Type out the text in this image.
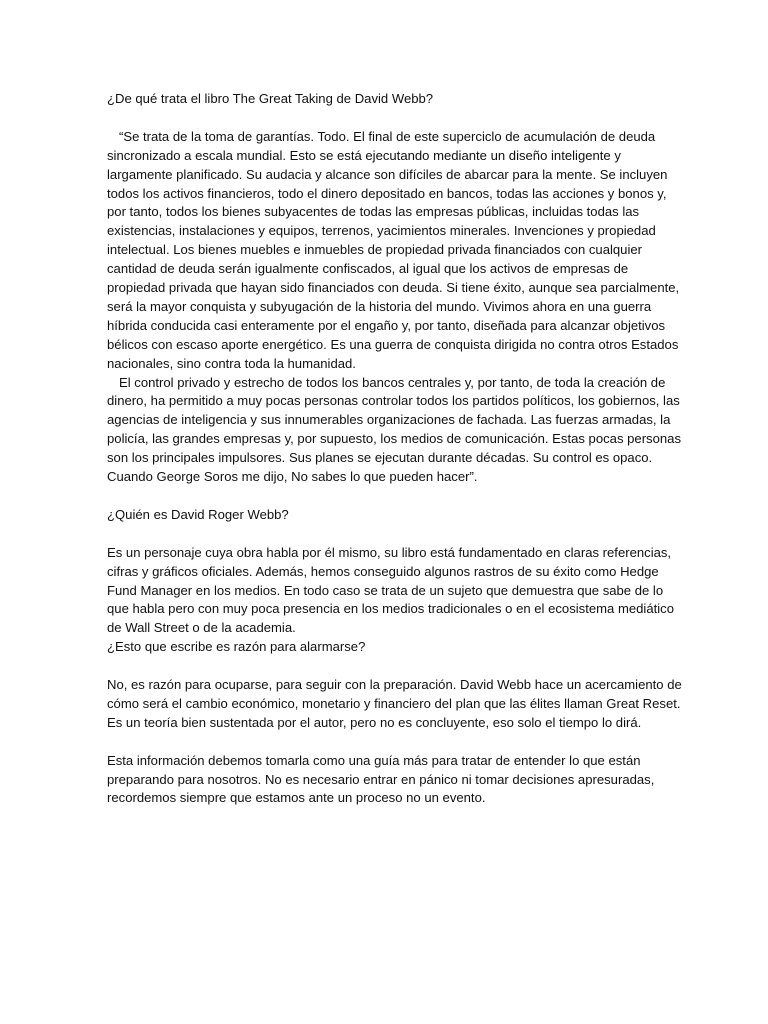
¿De qué trata el libro The Great Taking de David Webb?

“Se trata de la toma de garantías. Todo. El final de este superciclo de acumulación de deuda
sincronizado a escala mundial. Esto se está ejecutando mediante un diseño inteligente y
largamente planificado. Su audacia y alcance son difíciles de abarcar para la mente. Se incluyen
todos los activos financieros, todo el dinero depositado en bancos, todas las acciones y bonos y,
por tanto, todos los bienes subyacentes de todas las empresas públicas, incluidas todas las
existencias, instalaciones y equipos, terrenos, yacimientos minerales. Invenciones y propiedad
intelectual. Los bienes muebles e inmuebles de propiedad privada financiados con cualquier
cantidad de deuda serán igualmente confiscados, al igual que los activos de empresas de
propiedad privada que hayan sido financiados con deuda. Si tiene éxito, aunque sea parcialmente,
será la mayor conquista y subyugación de la historia del mundo. Vivimos ahora en una guerra
híbrida conducida casi enteramente por el engaño y, por tanto, diseñada para alcanzar objetivos
bélicos con escaso aporte energético. Es una guerra de conquista dirigida no contra otros Estados
nacionales, sino contra toda la humanidad.
El control privado y estrecho de todos los bancos centrales y, por tanto, de toda la creación de
dinero, ha permitido a muy pocas personas controlar todos los partidos políticos, los gobiernos, las
agencias de inteligencia y sus innumerables organizaciones de fachada. Las fuerzas armadas, la
policía, las grandes empresas y, por supuesto, los medios de comunicación. Estas pocas personas
son los principales impulsores. Sus planes se ejecutan durante décadas. Su control es opaco.
Cuando George Soros me dijo, No sabes lo que pueden hacer”.

¿Quién es David Roger Webb?

Es un personaje cuya obra habla por él mismo, su libro está fundamentado en claras referencias,
cifras y gráficos oficiales. Además, hemos conseguido algunos rastros de su éxito como Hedge
Fund Manager en los medios. En todo caso se trata de un sujeto que demuestra que sabe de lo
que habla pero con muy poca presencia en los medios tradicionales o en el ecosistema mediático
de Wall Street o de la academia.

¿Esto que escribe es razón para alarmarse?

No, es razón para ocuparse, para seguir con la preparación. David Webb hace un acercamiento de
cómo será el cambio económico, monetario y financiero del plan que las élites llaman Great Reset.
Es un teoría bien sustentada por el autor, pero no es concluyente, eso solo el tiempo lo dirá.
Esta información debemos tomarla como una guía más para tratar de entender lo que están
preparando para nosotros. No es necesario entrar en pánico ni tomar decisiones apresuradas,
recordemos siempre que estamos ante un proceso no un evento.
